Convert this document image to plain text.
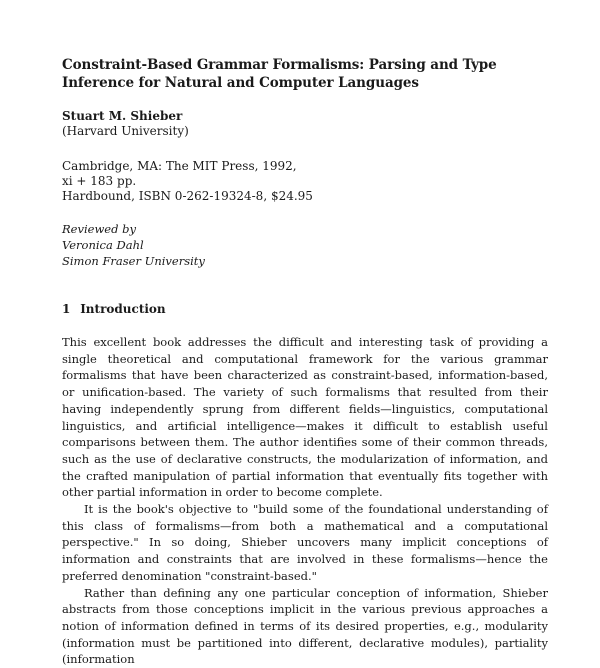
Constraint-Based Grammar Formalisms: Parsing and Type Inference for Natural and Computer Languages
Stuart M. Shieber
(Harvard University)
Cambridge, MA: The MIT Press, 1992,
xi + 183 pp.
Hardbound, ISBN 0-262-19324-8, $24.95
Reviewed by
Veronica Dahl
Simon Fraser University
1 Introduction

This excellent book addresses the difficult and interesting task of providing a single theoretical and computational framework for the various grammar formalisms that have been characterized as constraint-based, information-based, or unification-based. The variety of such formalisms that resulted from their having independently sprung from different fields—linguistics, computational linguistics, and artificial intelligence—makes it difficult to establish useful comparisons between them. The author identifies some of their common threads, such as the use of declarative constructs, the modularization of information, and the crafted manipulation of partial information that eventually fits together with other partial information in order to become complete.

It is the book's objective to "build some of the foundational understanding of this class of formalisms—from both a mathematical and a computational perspective." In so doing, Shieber uncovers many implicit conceptions of information and constraints that are involved in these formalisms—hence the preferred denomination "constraint-based."

Rather than defining any one particular conception of information, Shieber abstracts from those conceptions implicit in the various previous approaches a notion of information defined in terms of its desired properties, e.g., modularity (information must be partitioned into different, declarative modules), partiality (information
